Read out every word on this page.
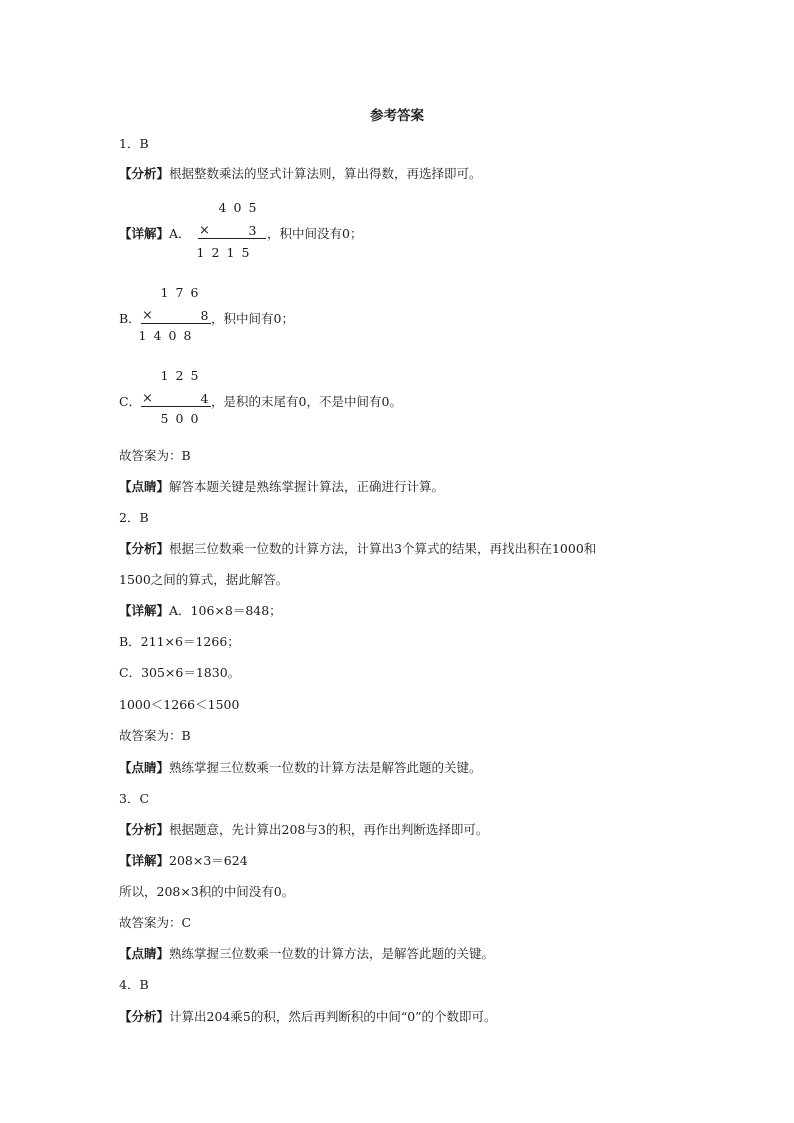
参考答案
1．B
【分析】根据整数乘法的竖式计算法则，算出得数，再选择即可。
【详解】A．
4 0 5
×	3
1 2 1 5
，积中间没有0；
B．
1 7 6
×	8
1 4 0 8
，积中间有0；
C．
1 2 5
×	4
5 0 0
，是积的末尾有0，不是中间有0。
故答案为：B
【点睛】解答本题关键是熟练掌握计算法，正确进行计算。
2．B
【分析】根据三位数乘一位数的计算方法，计算出3个算式的结果，再找出积在1000和
1500之间的算式，据此解答。
【详解】A．106×8＝848；
B．211×6＝1266；
C．305×6＝1830。
1000＜1266＜1500
故答案为：B
【点睛】熟练掌握三位数乘一位数的计算方法是解答此题的关键。
3．C
【分析】根据题意，先计算出208与3的积，再作出判断选择即可。
【详解】208×3＝624
所以，208×3积的中间没有0。
故答案为：C
【点睛】熟练掌握三位数乘一位数的计算方法，是解答此题的关键。
4．B
【分析】计算出204乘5的积，然后再判断积的中间“0”的个数即可。
